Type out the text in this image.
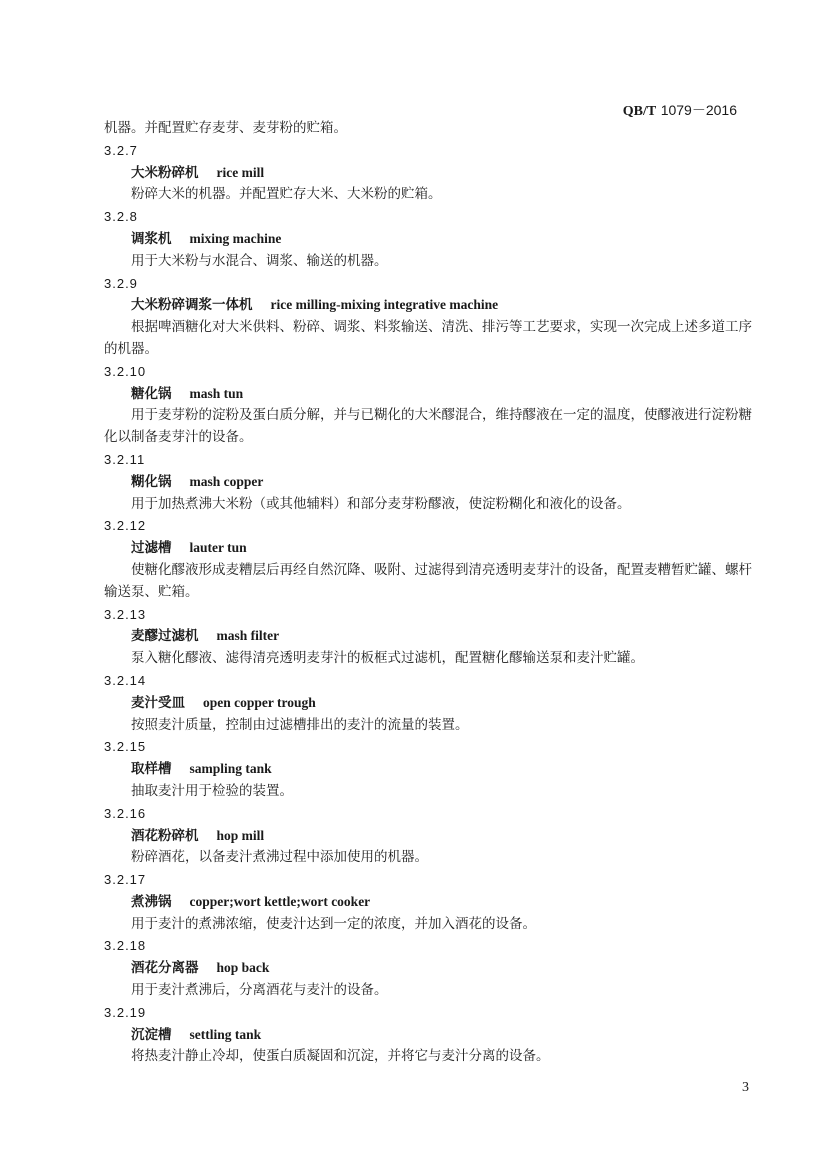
QB/T 1079－2016
机器。并配置贮存麦芽、麦芽粉的贮箱。
3.2.7
大米粉碎机 rice mill
粉碎大米的机器。并配置贮存大米、大米粉的贮箱。
3.2.8
调浆机 mixing machine
用于大米粉与水混合、调浆、输送的机器。
3.2.9
大米粉碎调浆一体机 rice milling-mixing integrative machine
根据啤酒糖化对大米供料、粉碎、调浆、料浆输送、清洗、排污等工艺要求，实现一次完成上述多道工序的机器。
3.2.10
糖化锅 mash tun
用于麦芽粉的淀粉及蛋白质分解，并与已糊化的大米醪混合，维持醪液在一定的温度，使醪液进行淀粉糖化以制备麦芽汁的设备。
3.2.11
糊化锅 mash copper
用于加热煮沸大米粉（或其他辅料）和部分麦芽粉醪液，使淀粉糊化和液化的设备。
3.2.12
过滤槽 lauter tun
使糖化醪液形成麦糟层后再经自然沉降、吸附、过滤得到清亮透明麦芽汁的设备，配置麦糟暂贮罐、螺杆输送泵、贮箱。
3.2.13
麦醪过滤机 mash filter
泵入糖化醪液、滤得清亮透明麦芽汁的板框式过滤机，配置糖化醪输送泵和麦汁贮罐。
3.2.14
麦汁受皿 open copper trough
按照麦汁质量，控制由过滤槽排出的麦汁的流量的装置。
3.2.15
取样槽 sampling tank
抽取麦汁用于检验的装置。
3.2.16
酒花粉碎机 hop mill
粉碎酒花，以备麦汁煮沸过程中添加使用的机器。
3.2.17
煮沸锅 copper;wort kettle;wort cooker
用于麦汁的煮沸浓缩，使麦汁达到一定的浓度，并加入酒花的设备。
3.2.18
酒花分离器 hop back
用于麦汁煮沸后，分离酒花与麦汁的设备。
3.2.19
沉淀槽 settling tank
将热麦汁静止冷却，使蛋白质凝固和沉淀，并将它与麦汁分离的设备。
3
